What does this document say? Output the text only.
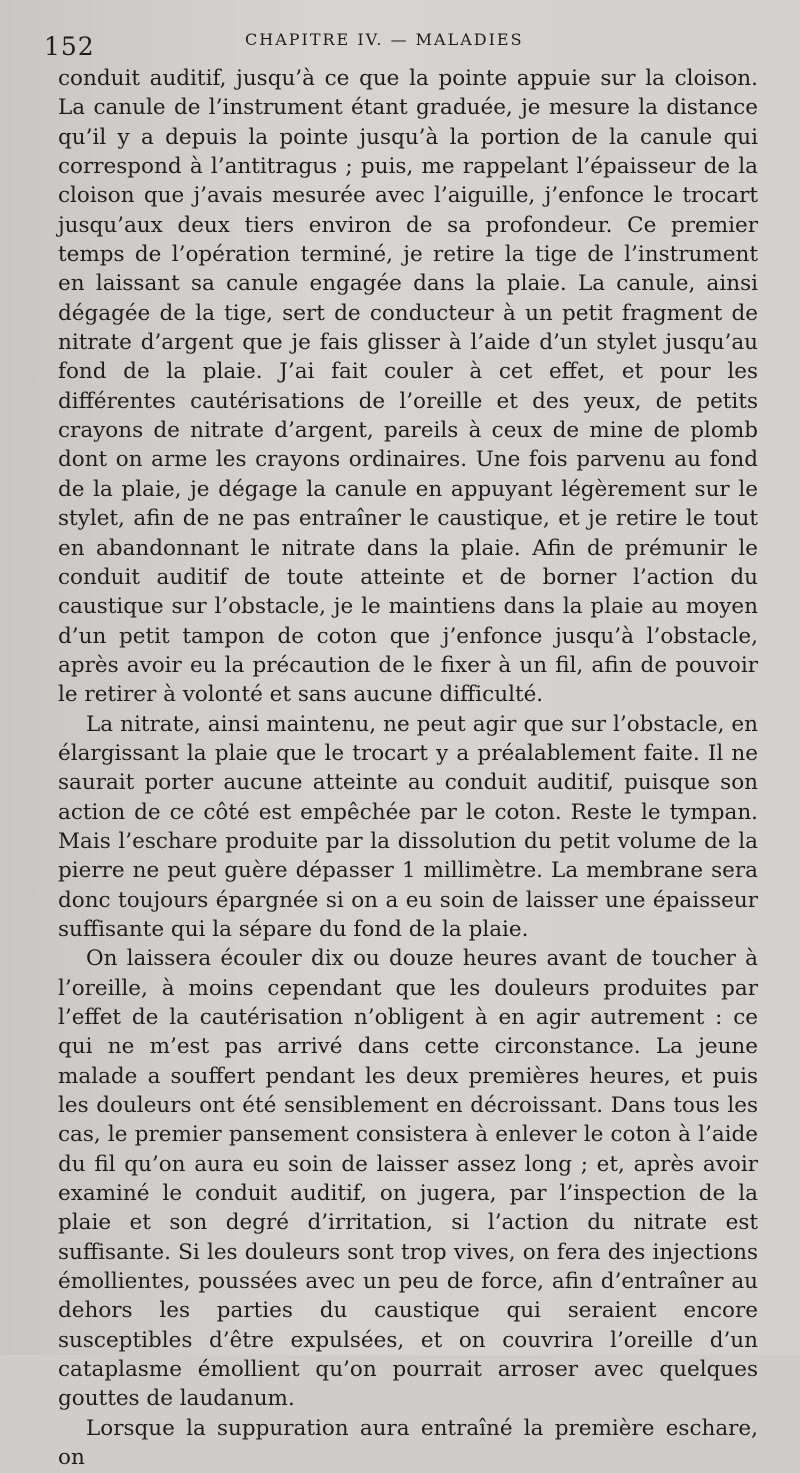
152	CHAPITRE IV. — MALADIES

conduit auditif, jusqu’à ce que la pointe appuie sur la cloison. La canule de l’instrument étant graduée, je mesure la distance qu’il y a depuis la pointe jusqu’à la portion de la canule qui correspond à l’antitragus ; puis, me rappelant l’épaisseur de la cloison que j’avais mesurée avec l’aiguille, j’enfonce le trocart jusqu’aux deux tiers environ de sa profondeur. Ce premier temps de l’opération terminé, je retire la tige de l’instrument en laissant sa canule engagée dans la plaie. La canule, ainsi dégagée de la tige, sert de conducteur à un petit fragment de nitrate d’argent que je fais glisser à l’aide d’un stylet jusqu’au fond de la plaie. J’ai fait couler à cet effet, et pour les différentes cautérisations de l’oreille et des yeux, de petits crayons de nitrate d’argent, pareils à ceux de mine de plomb dont on arme les crayons ordinaires. Une fois parvenu au fond de la plaie, je dégage la canule en appuyant légèrement sur le stylet, afin de ne pas entraîner le caustique, et je retire le tout en abandonnant le nitrate dans la plaie. Afin de prémunir le conduit auditif de toute atteinte et de borner l’action du caustique sur l’obstacle, je le maintiens dans la plaie au moyen d’un petit tampon de coton que j’enfonce jusqu’à l’obstacle, après avoir eu la précaution de le fixer à un fil, afin de pouvoir le retirer à volonté et sans aucune difficulté.

La nitrate, ainsi maintenu, ne peut agir que sur l’obstacle, en élargissant la plaie que le trocart y a préalablement faite. Il ne saurait porter aucune atteinte au conduit auditif, puisque son action de ce côté est empêchée par le coton. Reste le tympan. Mais l’eschare produite par la dissolution du petit volume de la pierre ne peut guère dépasser 1 millimètre. La membrane sera donc toujours épargnée si on a eu soin de laisser une épaisseur suffisante qui la sépare du fond de la plaie.

On laissera écouler dix ou douze heures avant de toucher à l’oreille, à moins cependant que les douleurs produites par l’effet de la cautérisation n’obligent à en agir autrement : ce qui ne m’est pas arrivé dans cette circonstance. La jeune malade a souffert pendant les deux premières heures, et puis les douleurs ont été sensiblement en décroissant. Dans tous les cas, le premier pansement consistera à enlever le coton à l’aide du fil qu’on aura eu soin de laisser assez long ; et, après avoir examiné le conduit auditif, on jugera, par l’inspection de la plaie et son degré d’irritation, si l’action du nitrate est suffisante. Si les douleurs sont trop vives, on fera des injections émollientes, poussées avec un peu de force, afin d’entraîner au dehors les parties du caustique qui seraient encore susceptibles d’être expulsées, et on couvrira l’oreille d’un cataplasme émollient qu’on pourrait arroser avec quelques gouttes de laudanum.

Lorsque la suppuration aura entraîné la première eschare, on
